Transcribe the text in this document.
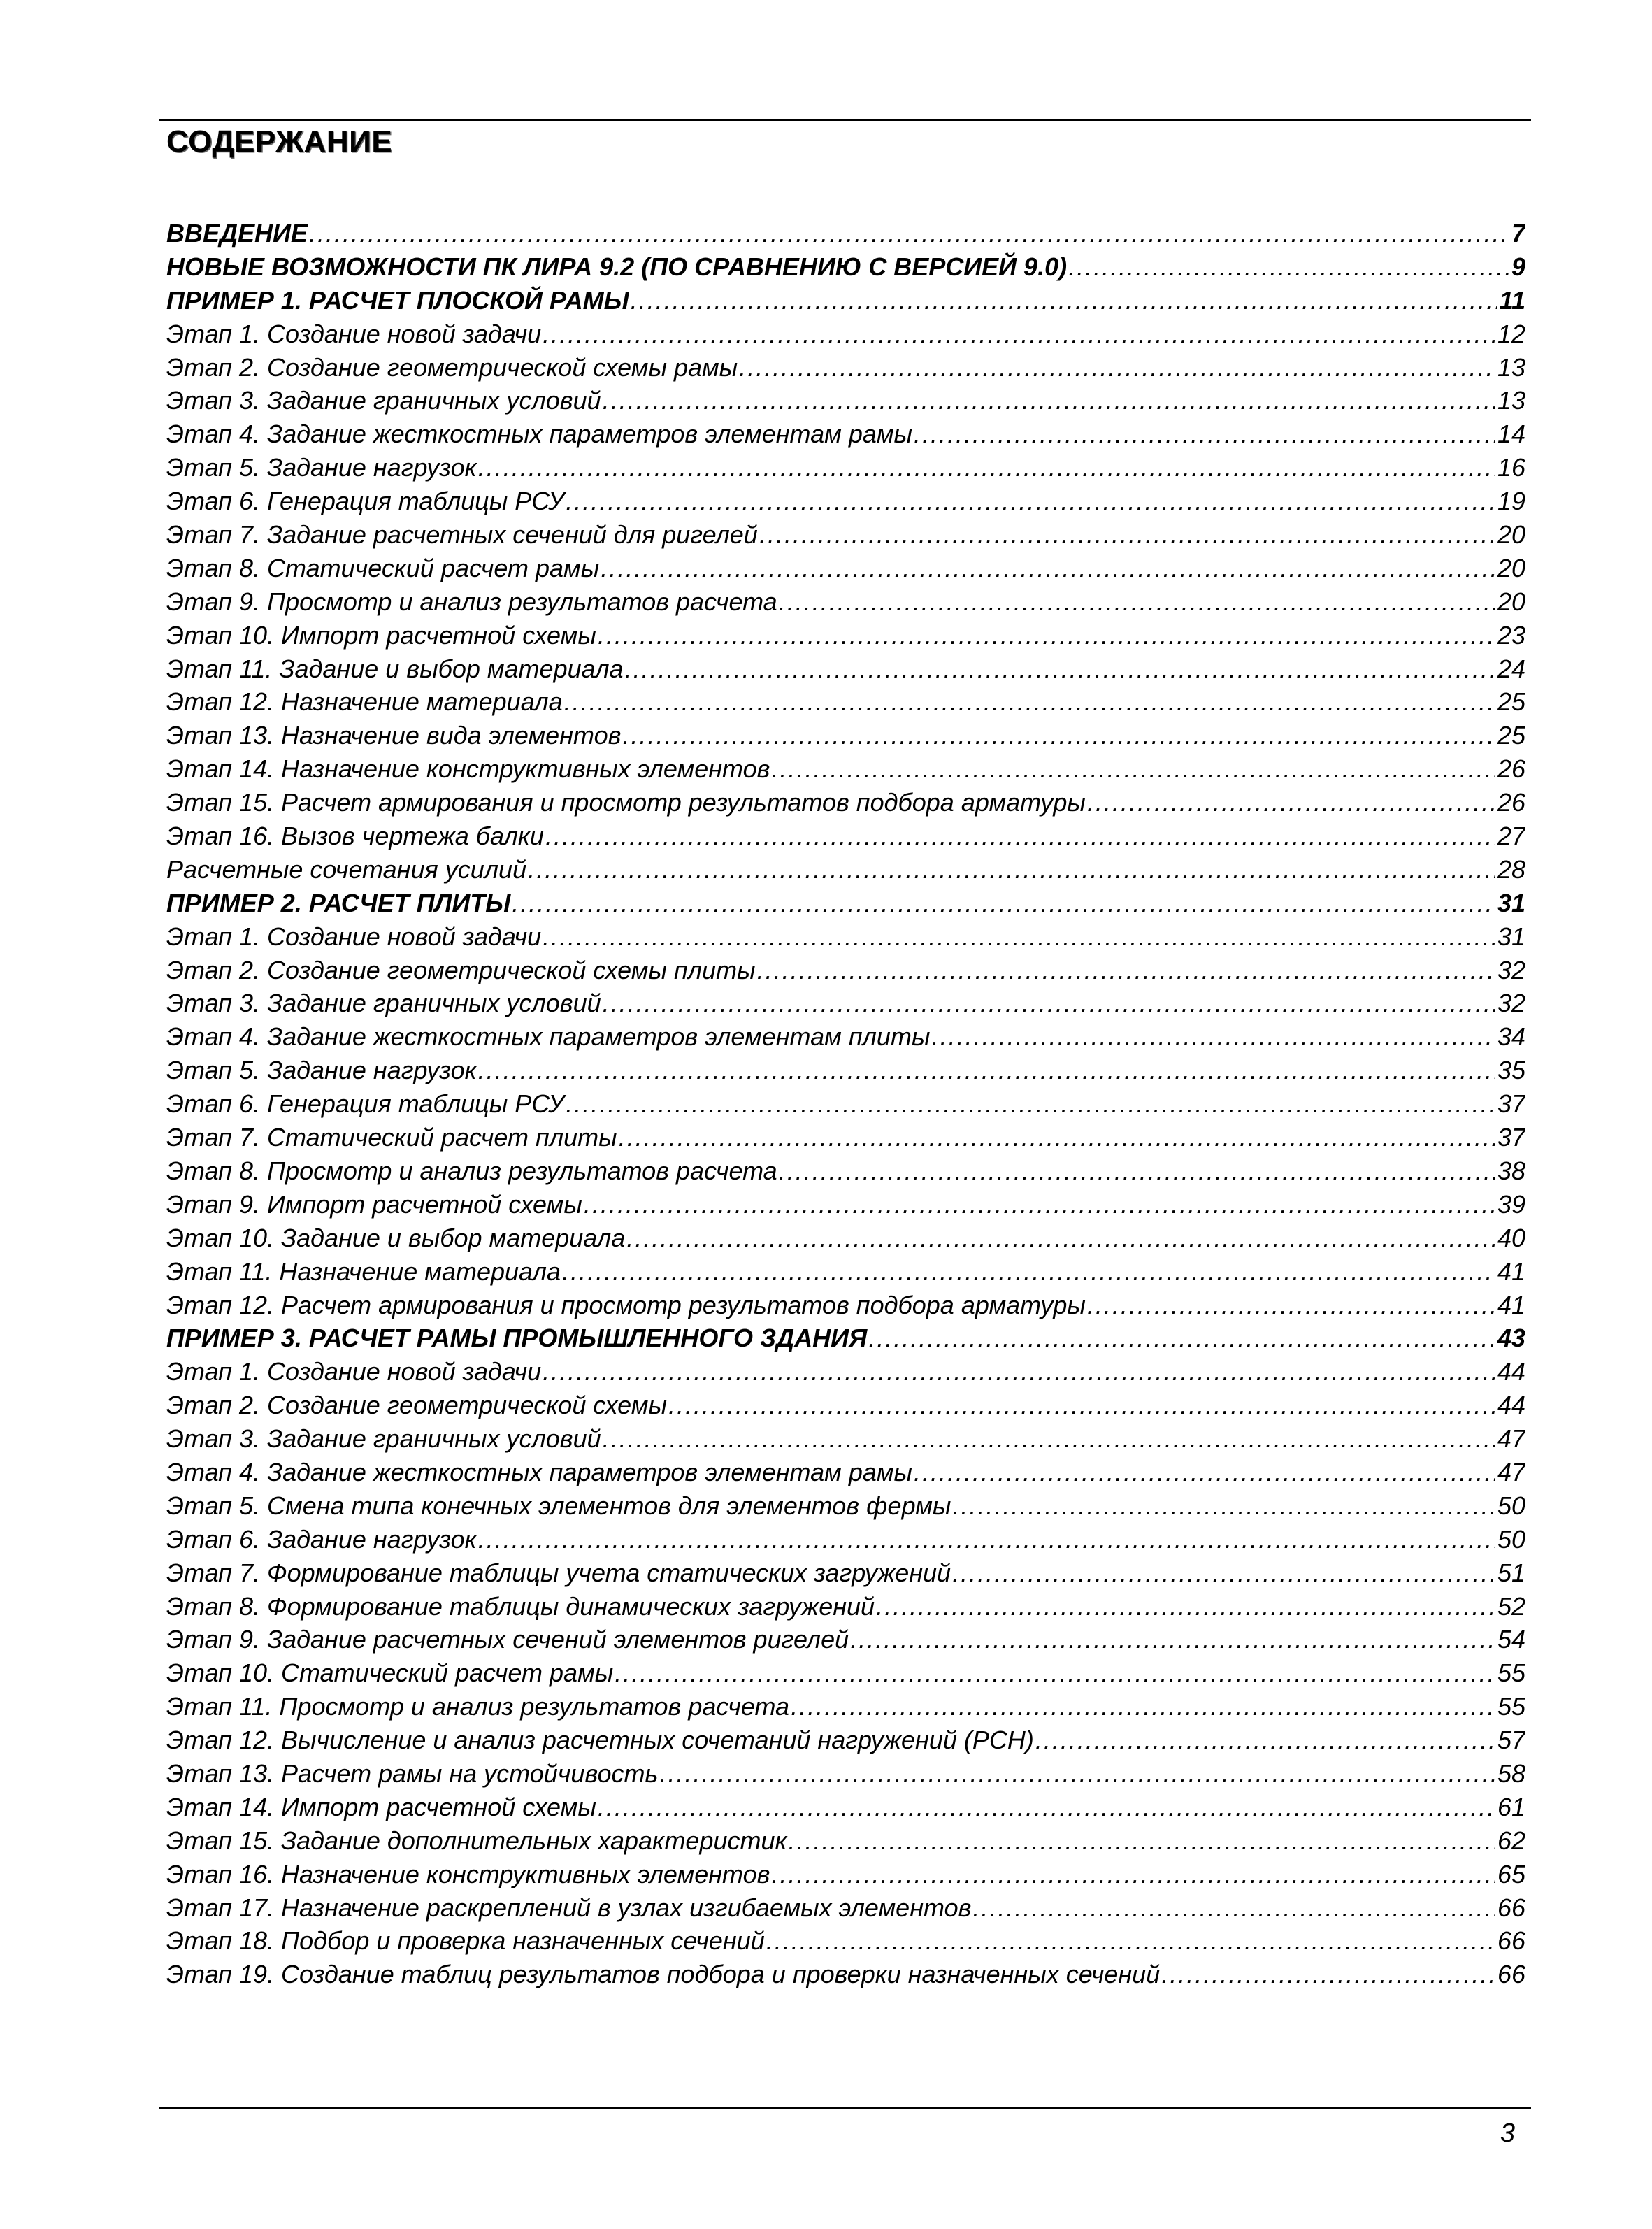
СОДЕРЖАНИЕ
ВВЕДЕНИЕ . . .	7
НОВЫЕ ВОЗМОЖНОСТИ ПК ЛИРА 9.2 (ПО СРАВНЕНИЮ С ВЕРСИЕЙ 9.0) . . .	9
ПРИМЕР 1. РАСЧЕТ ПЛОСКОЙ РАМЫ . . .	11
Этап 1. Создание новой задачи . . .	12
Этап 2. Создание геометрической схемы рамы . . .	13
Этап 3. Задание граничных условий . . .	13
Этап 4. Задание жесткостных параметров элементам рамы . . .	14
Этап 5. Задание нагрузок . . .	16
Этап 6. Генерация таблицы РСУ . . .	19
Этап 7. Задание расчетных сечений для ригелей . . .	20
Этап 8. Статический расчет рамы . . .	20
Этап 9. Просмотр и анализ результатов расчета . . .	20
Этап 10. Импорт расчетной схемы . . .	23
Этап 11. Задание и выбор материала . . .	24
Этап 12. Назначение материала . . .	25
Этап 13. Назначение вида элементов . . .	25
Этап 14. Назначение конструктивных элементов . . .	26
Этап 15. Расчет армирования и просмотр результатов подбора арматуры . . .	26
Этап 16. Вызов чертежа балки . . .	27
Расчетные сочетания усилий . . .	28
ПРИМЕР 2. РАСЧЕТ ПЛИТЫ . . .	31
Этап 1. Создание новой задачи . . .	31
Этап 2. Создание геометрической схемы плиты . . .	32
Этап 3. Задание граничных условий . . .	32
Этап 4. Задание жесткостных параметров элементам плиты . . .	34
Этап 5. Задание нагрузок . . .	35
Этап 6. Генерация таблицы РСУ . . .	37
Этап 7. Статический расчет плиты . . .	37
Этап 8. Просмотр и анализ результатов расчета . . .	38
Этап 9. Импорт расчетной схемы . . .	39
Этап 10. Задание и выбор материала . . .	40
Этап 11. Назначение материала . . .	41
Этап 12. Расчет армирования и просмотр результатов подбора арматуры . . .	41
ПРИМЕР 3. РАСЧЕТ РАМЫ ПРОМЫШЛЕННОГО ЗДАНИЯ . . .	43
Этап 1. Создание новой задачи . . .	44
Этап 2. Создание геометрической схемы . . .	44
Этап 3. Задание граничных условий . . .	47
Этап 4. Задание жесткостных параметров элементам рамы . . .	47
Этап 5. Смена типа конечных элементов для элементов фермы . . .	50
Этап 6. Задание нагрузок . . .	50
Этап 7. Формирование таблицы учета статических загружений . . .	51
Этап 8. Формирование таблицы динамических загружений . . .	52
Этап 9. Задание расчетных сечений элементов ригелей . . .	54
Этап 10. Статический расчет рамы . . .	55
Этап 11. Просмотр и анализ результатов расчета . . .	55
Этап 12. Вычисление и анализ расчетных сочетаний нагружений (РСН) . . .	57
Этап 13. Расчет рамы на устойчивость . . .	58
Этап 14. Импорт расчетной схемы . . .	61
Этап 15. Задание дополнительных характеристик . . .	62
Этап 16. Назначение конструктивных элементов . . .	65
Этап 17. Назначение раскреплений в узлах изгибаемых элементов . . .	66
Этап 18. Подбор и проверка назначенных сечений . . .	66
Этап 19. Создание таблиц результатов подбора и проверки назначенных сечений . . .	66
3
